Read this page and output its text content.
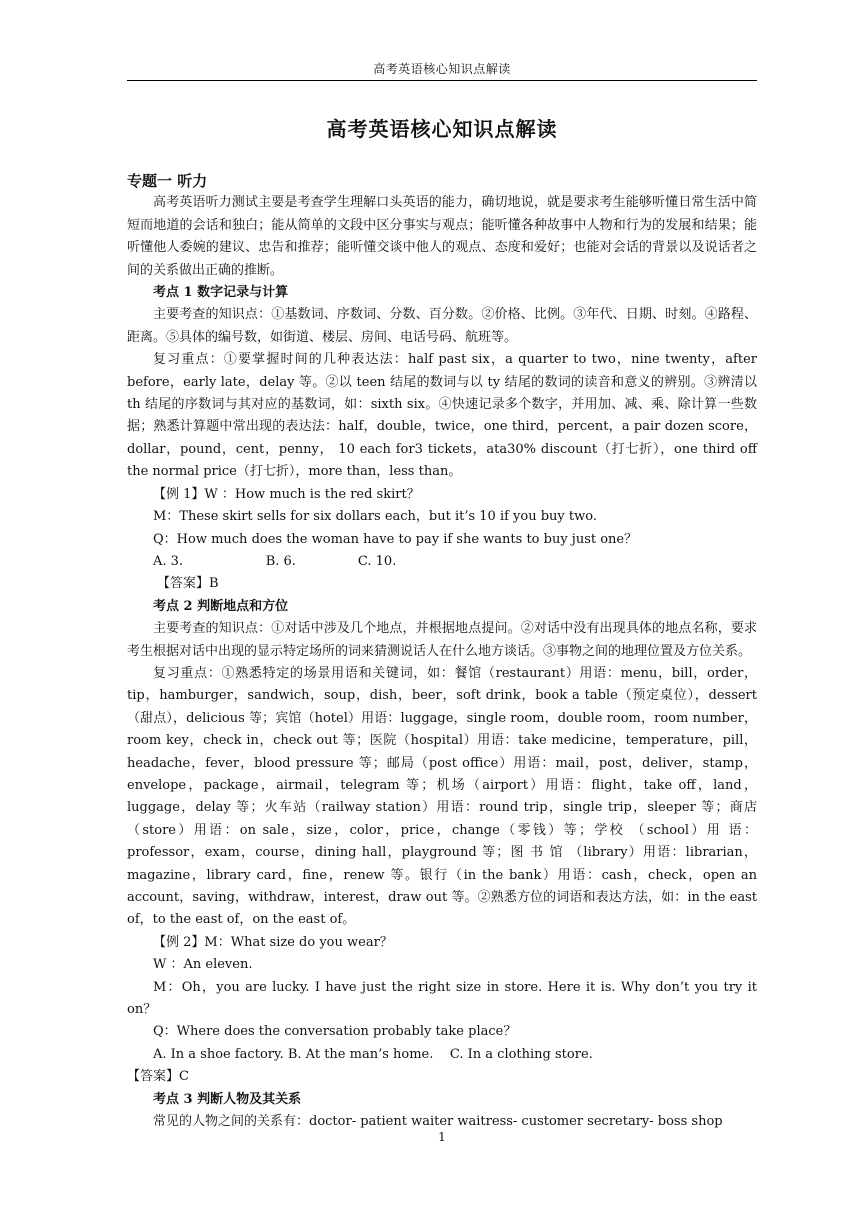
高考英语核心知识点解读
高考英语核心知识点解读

专题一 听力

高考英语听力测试主要是考查学生理解口头英语的能力，确切地说，就是要求考生能够听懂日常生活中简短而地道的会话和独白；能从简单的文段中区分事实与观点；能听懂各种故事中人物和行为的发展和结果；能听懂他人委婉的建议、忠告和推荐；能听懂交谈中他人的观点、态度和爱好；也能对会话的背景以及说话者之间的关系做出正确的推断。

考点 1 数字记录与计算

主要考查的知识点：①基数词、序数词、分数、百分数。②价格、比例。③年代、日期、时刻。④路程、距离。⑤具体的编号数，如街道、楼层、房间、电话号码、航班等。

复习重点：①要掌握时间的几种表达法：half past six，a quarter to two，nine twenty，after before，early late，delay 等。②以 teen 结尾的数词与以 ty 结尾的数词的读音和意义的辨别。③辨清以 th 结尾的序数词与其对应的基数词，如：sixth six。④快速记录多个数字，并用加、减、乘、除计算一些数据；熟悉计算题中常出现的表达法：half，double，twice，one third，percent，a pair dozen score，dollar，pound，cent，penny， 10 each for3 tickets，ata30% discount（打七折），one third off the normal price（打七折），more than，less than。

【例 1】W ：How much is the red skirt？

M：These skirt sells for six dollars each，but it’s 10 if you buy two.

Q：How much does the woman have to pay if she wants to buy just one？

A. 3.                    B. 6.               C. 10.

【答案】B

考点 2 判断地点和方位

主要考查的知识点：①对话中涉及几个地点，并根据地点提问。②对话中没有出现具体的地点名称，要求考生根据对话中出现的显示特定场所的词来猜测说话人在什么地方谈话。③事物之间的地理位置及方位关系。

复习重点：①熟悉特定的场景用语和关键词，如：餐馆（restaurant）用语：menu，bill，order，tip，hamburger，sandwich，soup，dish，beer，soft drink，book a table（预定桌位），dessert（甜点），delicious 等；宾馆（hotel）用语：luggage，single room，double room，room number，room key，check in，check out 等；医院（hospital）用语：take medicine，temperature，pill，headache，fever，blood pressure 等；邮局（post office）用语：mail，post，deliver，stamp，envelope，package，airmail，telegram 等；机场（airport）用语：flight，take off，land，luggage，delay 等；火车站（railway station）用语：round trip，single trip，sleeper 等；商店（store）用语：on sale，size，color，price，change（零钱）等；学校 （school）用 语：professor，exam，course，dining hall，playground 等；图 书 馆 （library）用语：librarian，magazine，library card，fine，renew 等。银行（in the bank）用语：cash，check，open an account，saving，withdraw，interest，draw out 等。②熟悉方位的词语和表达方法，如：in the east of，to the east of，on the east of。

【例 2】M：What size do you wear？

W ：An eleven.

M：Oh，you are lucky. I have just the right size in store. Here it is. Why don’t you try it on？

Q：Where does the conversation probably take place？

A. In a shoe factory. B. At the man’s home.    C. In a clothing store.

【答案】C

考点 3 判断人物及其关系

常见的人物之间的关系有：doctor- patient waiter waitress- customer secretary- boss shop

1
